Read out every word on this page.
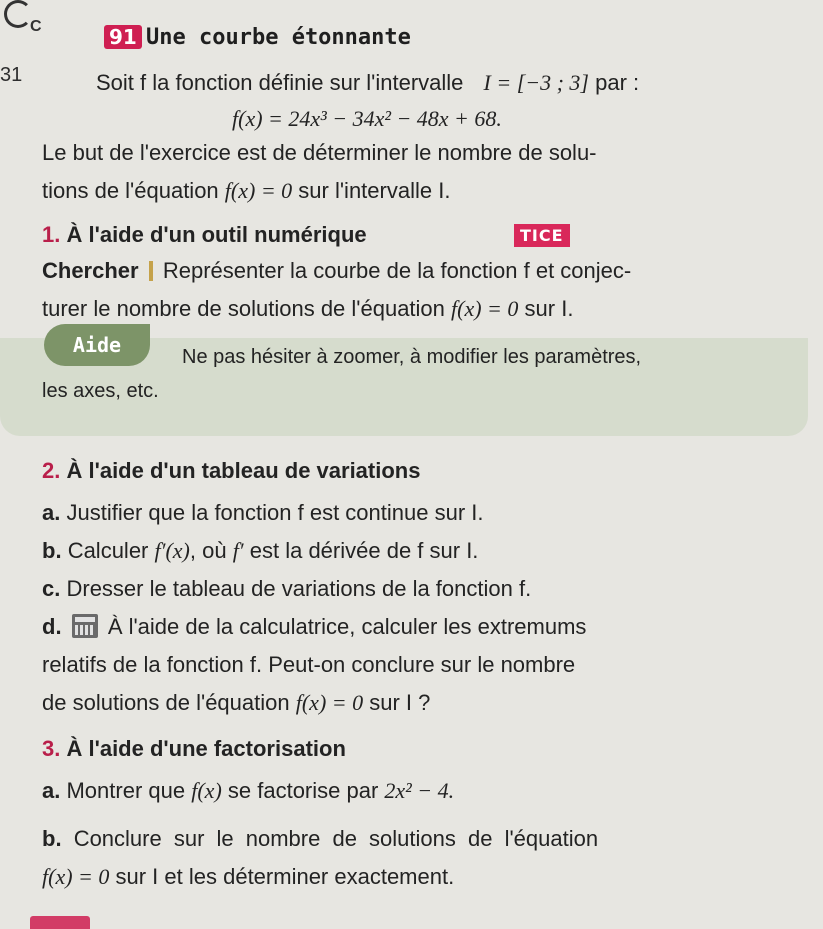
C	91 Une courbe étonnante
31	Soit f la fonction définie sur l'intervalle I = [−3 ; 3] par :
f(x) = 24x³ − 34x² − 48x + 68.
Le but de l'exercice est de déterminer le nombre de solu-
tions de l'équation f(x) = 0 sur l'intervalle I.
1. À l'aide d'un outil numérique	TICE
Chercher Représenter la courbe de la fonction f et conjec-
turer le nombre de solutions de l'équation f(x) = 0 sur I.
Aide	Ne pas hésiter à zoomer, à modifier les paramètres,
les axes, etc.
2. À l'aide d'un tableau de variations
a. Justifier que la fonction f est continue sur I.
b. Calculer f′(x), où f′ est la dérivée de f sur I.
c. Dresser le tableau de variations de la fonction f.
d. À l'aide de la calculatrice, calculer les extremums
relatifs de la fonction f. Peut-on conclure sur le nombre
de solutions de l'équation f(x) = 0 sur I ?
3. À l'aide d'une factorisation
a. Montrer que f(x) se factorise par 2x² − 4.
b. Conclure sur le nombre de solutions de l'équation
f(x) = 0 sur I et les déterminer exactement.
